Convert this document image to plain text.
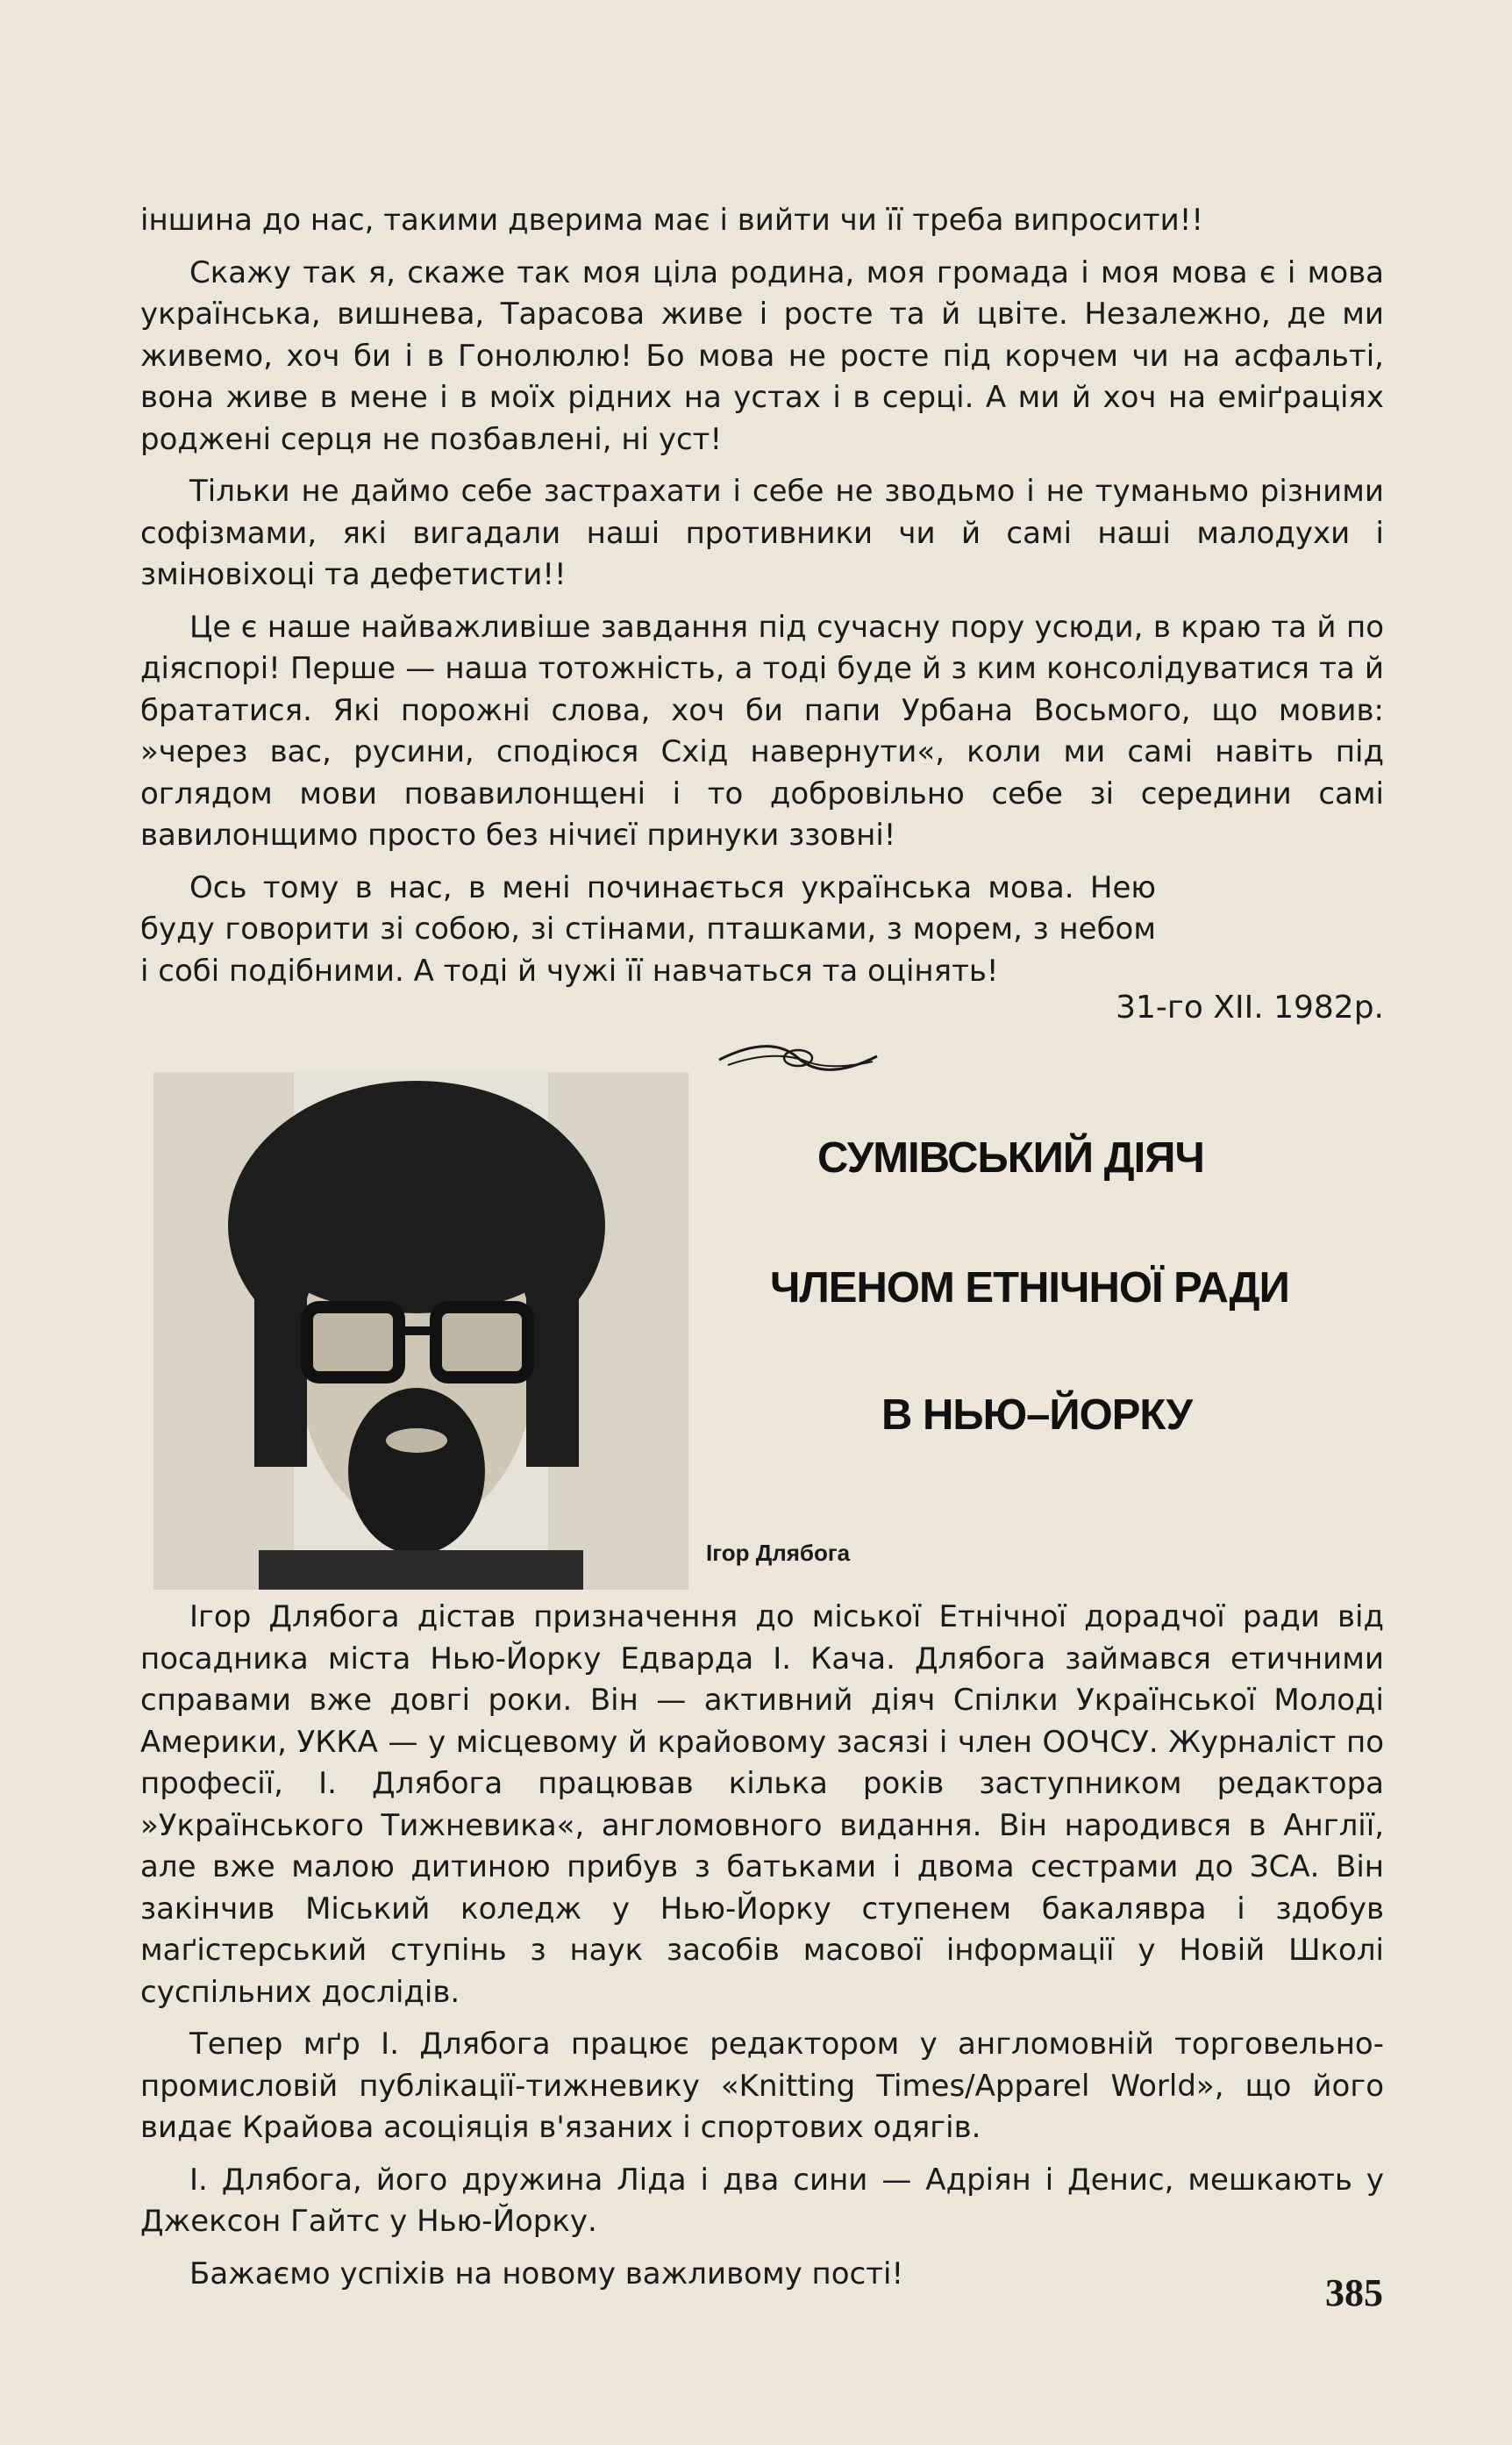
іншина до нас, такими дверима має і вийти чи її треба випросити!!

Скажу так я, скаже так моя ціла родина, моя громада і моя мова є і мова українська, вишнева, Тарасова живе і росте та й цвіте. Незалежно, де ми живемо, хоч би і в Гонолюлю! Бо мова не росте під корчем чи на асфальті, вона живе в мене і в моїх рідних на устах і в серці. А ми й хоч на еміґраціях роджені серця не позбавлені, ні уст!

Тільки не даймо себе застрахати і себе не зводьмо і не туманьмо різними софізмами, які вигадали наші противники чи й самі наші малодухи і зміновіхоці та дефетисти!!

Це є наше найважливіше завдання під сучасну пору усюди, в краю та й по діяспорі! Перше — наша тотожність, а тоді буде й з ким консолідуватися та й брататися. Які порожні слова, хоч би папи Урбана Восьмого, що мовив: »через вас, русини, сподіюся Схід навернути«, коли ми самі навіть під оглядом мови повавилонщені і то добровільно себе зі середини самі вавилонщимо просто без нічиєї принуки ззовні!

Ось тому в нас, в мені починається українська мова. Нею буду говорити зі собою, зі стінами, пташками, з морем, з небом і собі подібними. А тоді й чужі її навчаться та оцінять!

31-го XII. 1982р.
СУМІВСЬКИЙ ДІЯЧ
ЧЛЕНОМ ЕТНІЧНОЇ РАДИ
В НЬЮ–ЙОРКУ
Ігор Длябога

Ігор Длябога дістав призначення до міської Етнічної дорадчої ради від посадника міста Нью-Йорку Едварда І. Кача. Длябога займався етичними справами вже довгі роки. Він — активний діяч Спілки Української Молоді Америки, УККА — у місцевому й крайовому засязі і член ООЧСУ. Журналіст по професії, І. Длябога працював кілька років заступником редактора »Українського Тижневика«, англомовного видання. Він народився в Англії, але вже малою дитиною прибув з батьками і двома сестрами до ЗСА. Він закінчив Міський коледж у Нью-Йорку ступенем бакалявра і здобув маґістерський ступінь з наук засобів масової інформації у Новій Школі суспільних дослідів.

Тепер мґр І. Длябога працює редактором у англомовній торговельно-промисловій публікації-тижневику «Knitting Times/Apparel World», що його видає Крайова асоціяція в'язаних і спортових одягів.

І. Длябога, його дружина Ліда і два сини — Адріян і Денис, мешкають у Джексон Гайтс у Нью-Йорку.

Бажаємо успіхів на новому важливому пості!	385
